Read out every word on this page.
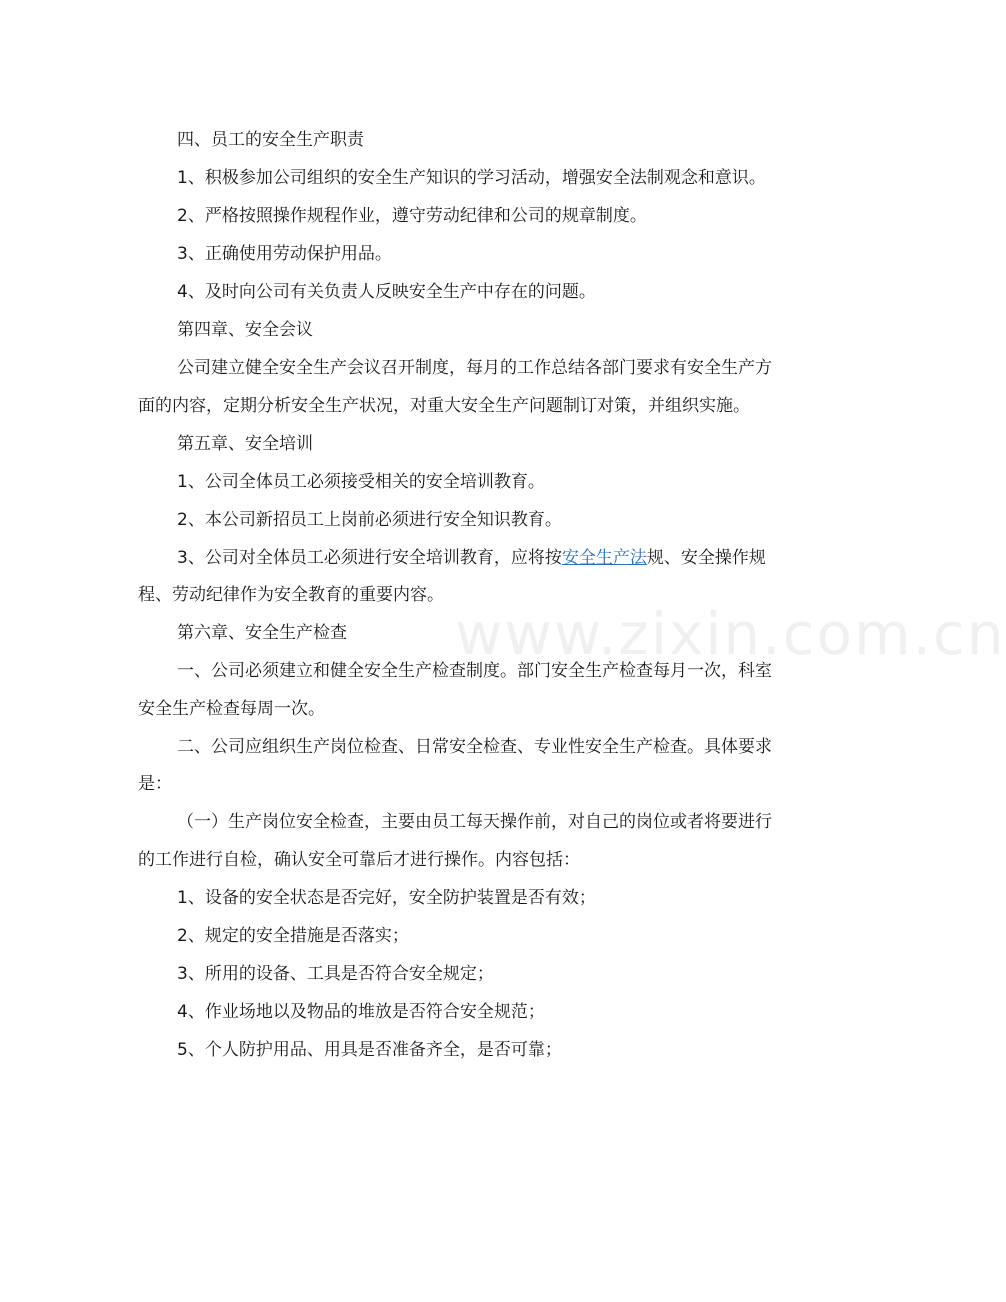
www.zixin.com.cn

四、员工的安全生产职责

1、积极参加公司组织的安全生产知识的学习活动，增强安全法制观念和意识。

2、严格按照操作规程作业，遵守劳动纪律和公司的规章制度。

3、正确使用劳动保护用品。

4、及时向公司有关负责人反映安全生产中存在的问题。

第四章、安全会议

公司建立健全安全生产会议召开制度，每月的工作总结各部门要求有安全生产方面的内容，定期分析安全生产状况，对重大安全生产问题制订对策，并组织实施。

第五章、安全培训

1、公司全体员工必须接受相关的安全培训教育。

2、本公司新招员工上岗前必须进行安全知识教育。

3、公司对全体员工必须进行安全培训教育，应将按安全生产法规、安全操作规程、劳动纪律作为安全教育的重要内容。

第六章、安全生产检查

一、公司必须建立和健全安全生产检查制度。部门安全生产检查每月一次，科室安全生产检查每周一次。

二、公司应组织生产岗位检查、日常安全检查、专业性安全生产检查。具体要求是：

（一）生产岗位安全检查，主要由员工每天操作前，对自己的岗位或者将要进行的工作进行自检，确认安全可靠后才进行操作。内容包括：

1、设备的安全状态是否完好，安全防护装置是否有效；

2、规定的安全措施是否落实；

3、所用的设备、工具是否符合安全规定；

4、作业场地以及物品的堆放是否符合安全规范；

5、个人防护用品、用具是否准备齐全，是否可靠；
